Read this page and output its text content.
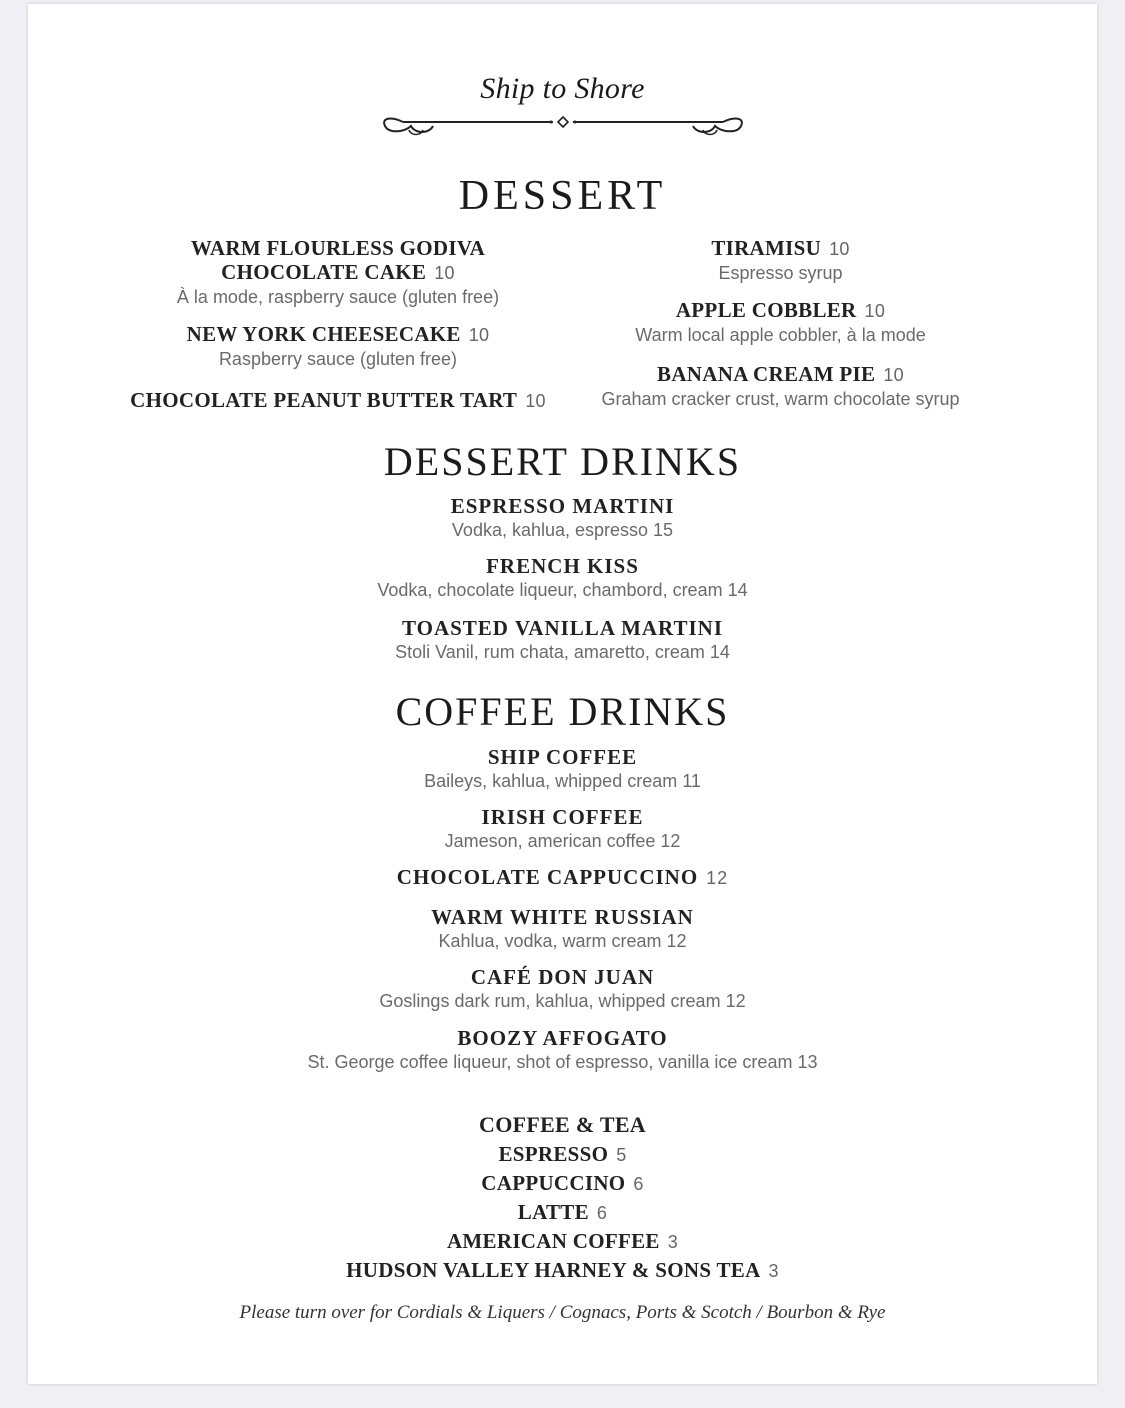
Ship to Shore
DESSERT
WARM FLOURLESS GODIVA
CHOCOLATE CAKE 10
À la mode, raspberry sauce (gluten free)
NEW YORK CHEESECAKE 10
Raspberry sauce (gluten free)
CHOCOLATE PEANUT BUTTER TART 10
TIRAMISU 10
Espresso syrup
APPLE COBBLER 10
Warm local apple cobbler, à la mode
BANANA CREAM PIE 10
Graham cracker crust, warm chocolate syrup
DESSERT DRINKS
ESPRESSO MARTINI
Vodka, kahlua, espresso 15
FRENCH KISS
Vodka, chocolate liqueur, chambord, cream 14
TOASTED VANILLA MARTINI
Stoli Vanil, rum chata, amaretto, cream 14
COFFEE DRINKS
SHIP COFFEE
Baileys, kahlua, whipped cream 11
IRISH COFFEE
Jameson, american coffee 12
CHOCOLATE CAPPUCCINO 12
WARM WHITE RUSSIAN
Kahlua, vodka, warm cream 12
CAFÉ DON JUAN
Goslings dark rum, kahlua, whipped cream 12
BOOZY AFFOGATO
St. George coffee liqueur, shot of espresso, vanilla ice cream 13
COFFEE & TEA
ESPRESSO 5
CAPPUCCINO 6
LATTE 6
AMERICAN COFFEE 3
HUDSON VALLEY HARNEY & SONS TEA 3
Please turn over for Cordials & Liquers / Cognacs, Ports & Scotch / Bourbon & Rye
